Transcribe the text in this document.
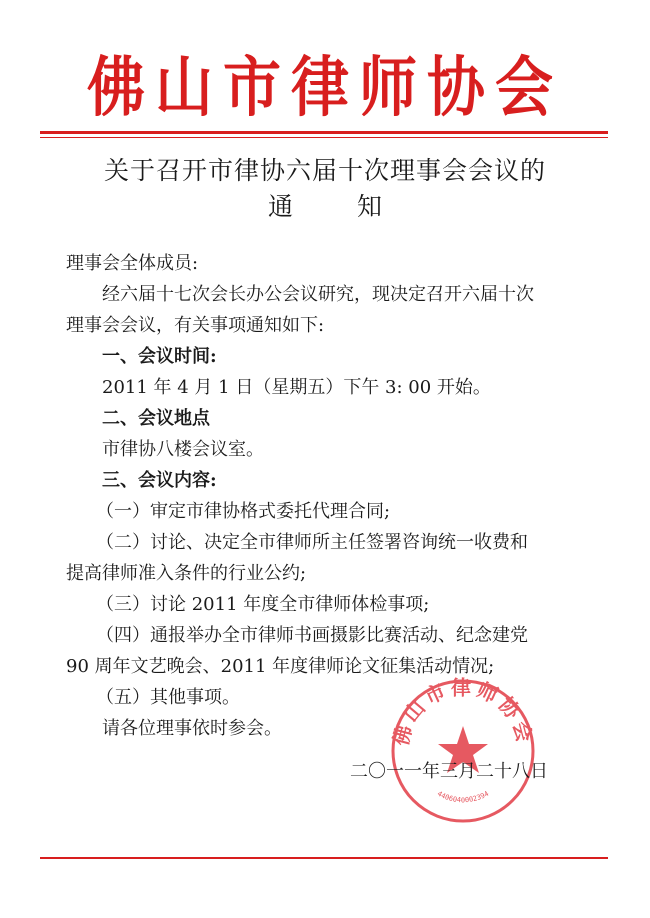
佛山市律师协会
关于召开市律协六届十次理事会会议的
通 知
理事会全体成员:
经六届十七次会长办公会议研究，现决定召开六届十次
理事会会议，有关事项通知如下:
一、会议时间:
2011 年 4 月 1 日（星期五）下午 3: 00 开始。
二、会议地点
市律协八楼会议室。
三、会议内容:
（一）审定市律协格式委托代理合同;
（二）讨论、决定全市律师所主任签署咨询统一收费和
提高律师准入条件的行业公约;
（三）讨论 2011 年度全市律师体检事项;
（四）通报举办全市律师书画摄影比赛活动、纪念建党
90 周年文艺晚会、2011 年度律师论文征集活动情况;
（五）其他事项。
请各位理事依时参会。	佛山市律师协会
4406040002394
二〇一一年三月二十八日
